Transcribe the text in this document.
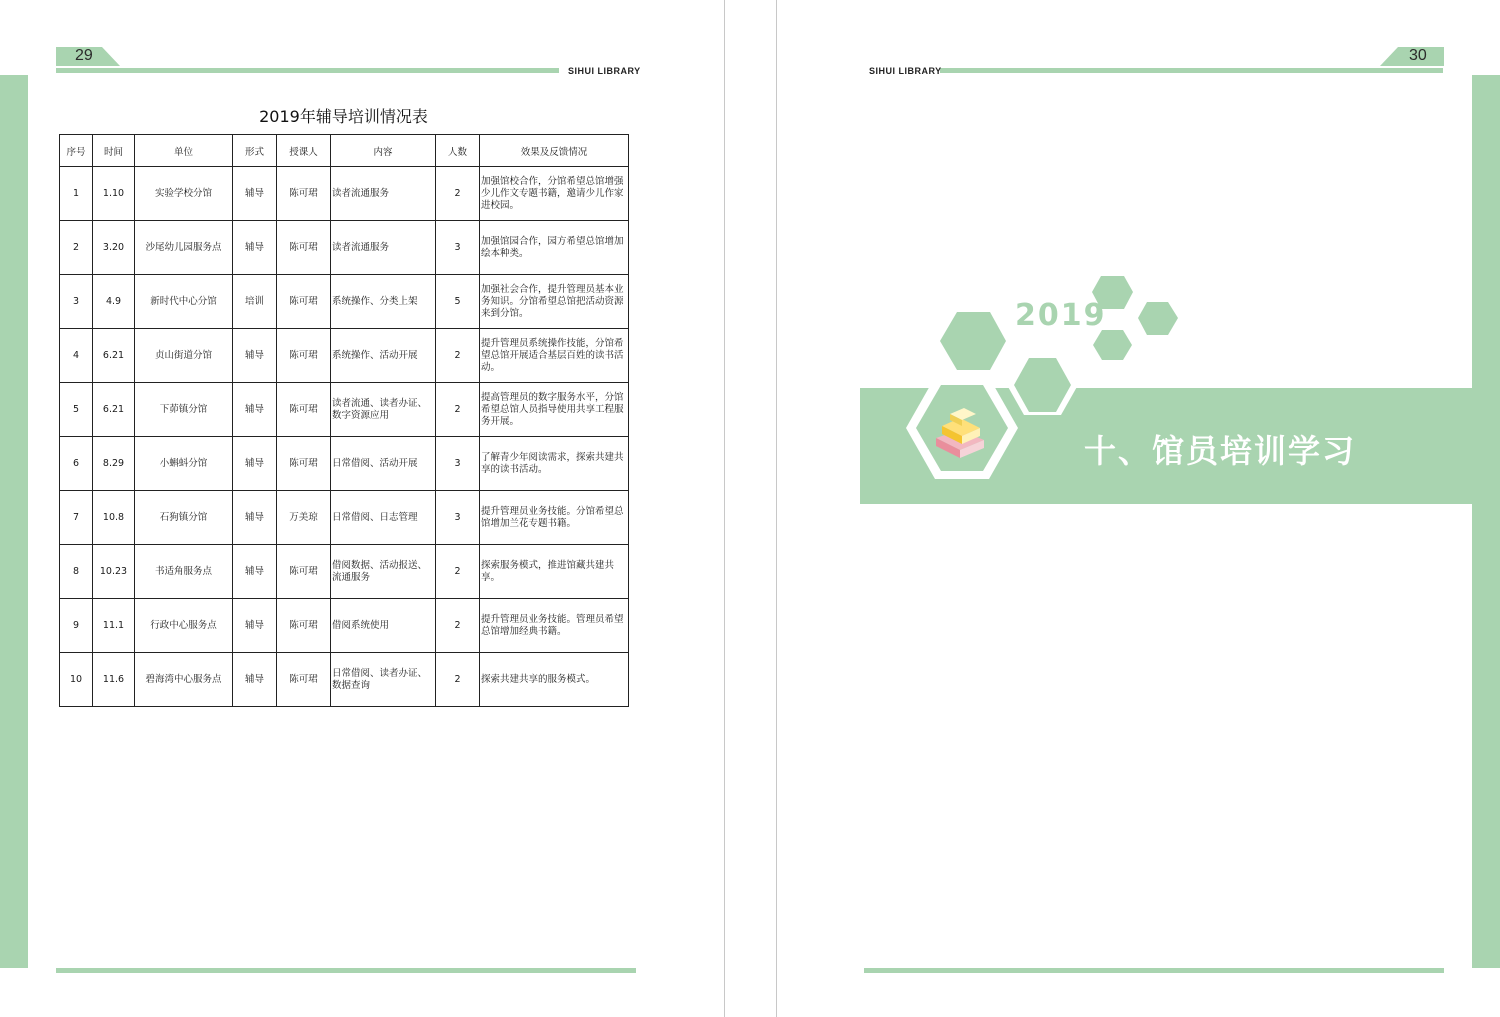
29
SIHUI LIBRARY
2019年辅导培训情况表
序号	时间	单位	形式	授课人	内容	人数	效果及反馈情况
1	1.10	实验学校分馆	辅导	陈可珺	读者流通服务	2	加强馆校合作，分馆希望总馆增强少儿作文专题书籍，邀请少儿作家进校园。
2	3.20	沙尾幼儿园服务点	辅导	陈可珺	读者流通服务	3	加强馆园合作，园方希望总馆增加绘本种类。
3	4.9	新时代中心分馆	培训	陈可珺	系统操作、分类上架	5	加强社会合作，提升管理员基本业务知识。分馆希望总馆把活动资源来到分馆。
4	6.21	贞山街道分馆	辅导	陈可珺	系统操作、活动开展	2	提升管理员系统操作技能，分馆希望总馆开展适合基层百姓的读书活动。
5	6.21	下茆镇分馆	辅导	陈可珺	读者流通、读者办证、数字资源应用	2	提高管理员的数字服务水平，分馆希望总馆人员指导使用共享工程服务开展。
6	8.29	小蝌蚪分馆	辅导	陈可珺	日常借阅、活动开展	3	了解青少年阅读需求，探索共建共享的读书活动。
7	10.8	石狗镇分馆	辅导	万美琼	日常借阅、日志管理	3	提升管理员业务技能。分馆希望总馆增加兰花专题书籍。
8	10.23	书适角服务点	辅导	陈可珺	借阅数据、活动报送、流通服务	2	探索服务模式，推进馆藏共建共享。
9	11.1	行政中心服务点	辅导	陈可珺	借阅系统使用	2	提升管理员业务技能。管理员希望总馆增加经典书籍。
10	11.6	碧海湾中心服务点	辅导	陈可珺	日常借阅、读者办证、数据查询	2	探索共建共享的服务模式。
30
SIHUI LIBRARY
2019
十、馆员培训学习
